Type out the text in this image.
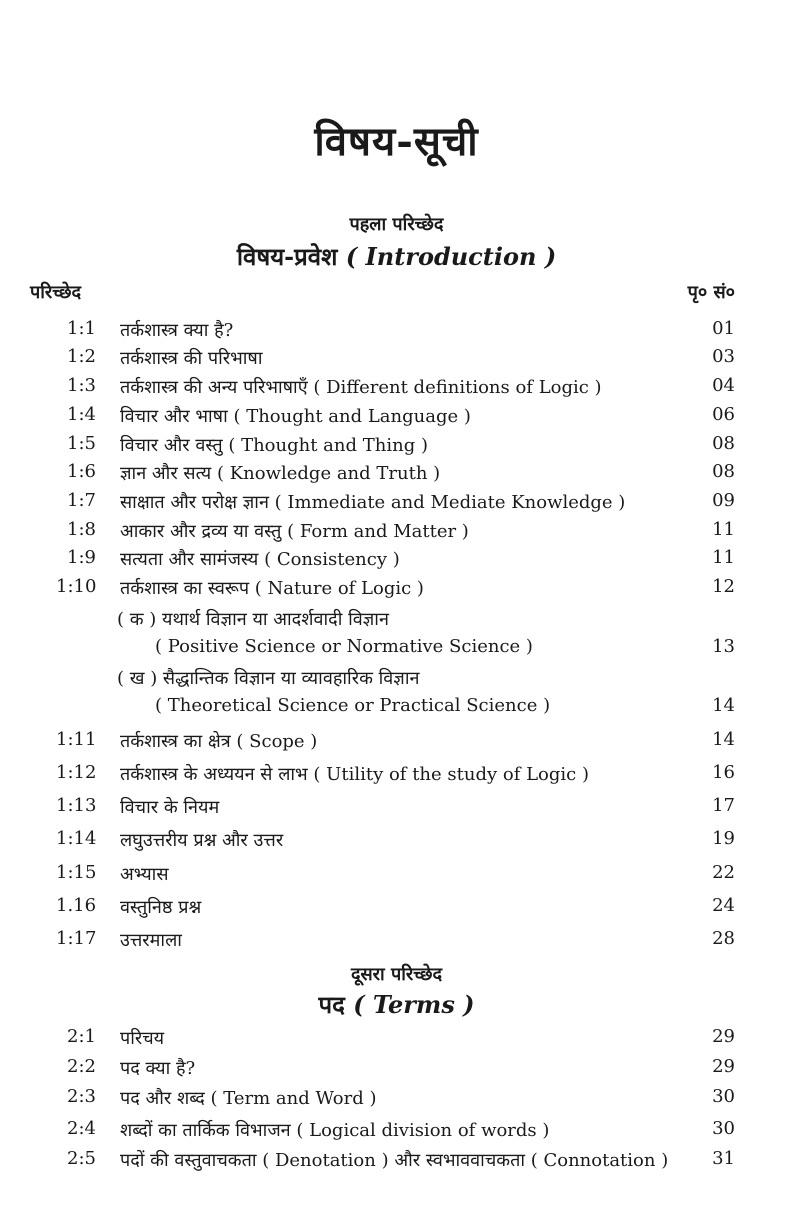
विषय-सूची
पहला परिच्छेद
विषय-प्रवेश ( Introduction )
परिच्छेद	पृ० सं०
1:1	तर्कशास्त्र क्या है?	01
1:2	तर्कशास्त्र की परिभाषा	03
1:3	तर्कशास्त्र की अन्य परिभाषाएँ ( Different definitions of Logic )	04
1:4	विचार और भाषा ( Thought and Language )	06
1:5	विचार और वस्तु ( Thought and Thing )	08
1:6	ज्ञान और सत्य ( Knowledge and Truth )	08
1:7	साक्षात और परोक्ष ज्ञान ( Immediate and Mediate Knowledge )	09
1:8	आकार और द्रव्य या वस्तु ( Form and Matter )	11
1:9	सत्यता और सामंजस्य ( Consistency )	11
1:10	तर्कशास्त्र का स्वरूप ( Nature of Logic )	12
( क ) यथार्थ विज्ञान या आदर्शवादी विज्ञान
( Positive Science or Normative Science )	13
( ख ) सैद्धान्तिक विज्ञान या व्यावहारिक विज्ञान
( Theoretical Science or Practical Science )	14
1:11	तर्कशास्त्र का क्षेत्र ( Scope )	14
1:12	तर्कशास्त्र के अध्ययन से लाभ ( Utility of the study of Logic )	16
1:13	विचार के नियम	17
1:14	लघुउत्तरीय प्रश्न और उत्तर	19
1:15	अभ्यास	22
1.16	वस्तुनिष्ठ प्रश्न	24
1:17	उत्तरमाला	28
दूसरा परिच्छेद
पद ( Terms )
2:1	परिचय	29
2:2	पद क्या है?	29
2:3	पद और शब्द ( Term and Word )	30
2:4	शब्दों का तार्किक विभाजन ( Logical division of words )	30
2:5	पदों की वस्तुवाचकता ( Denotation ) और स्वभाववाचकता ( Connotation ) 31
